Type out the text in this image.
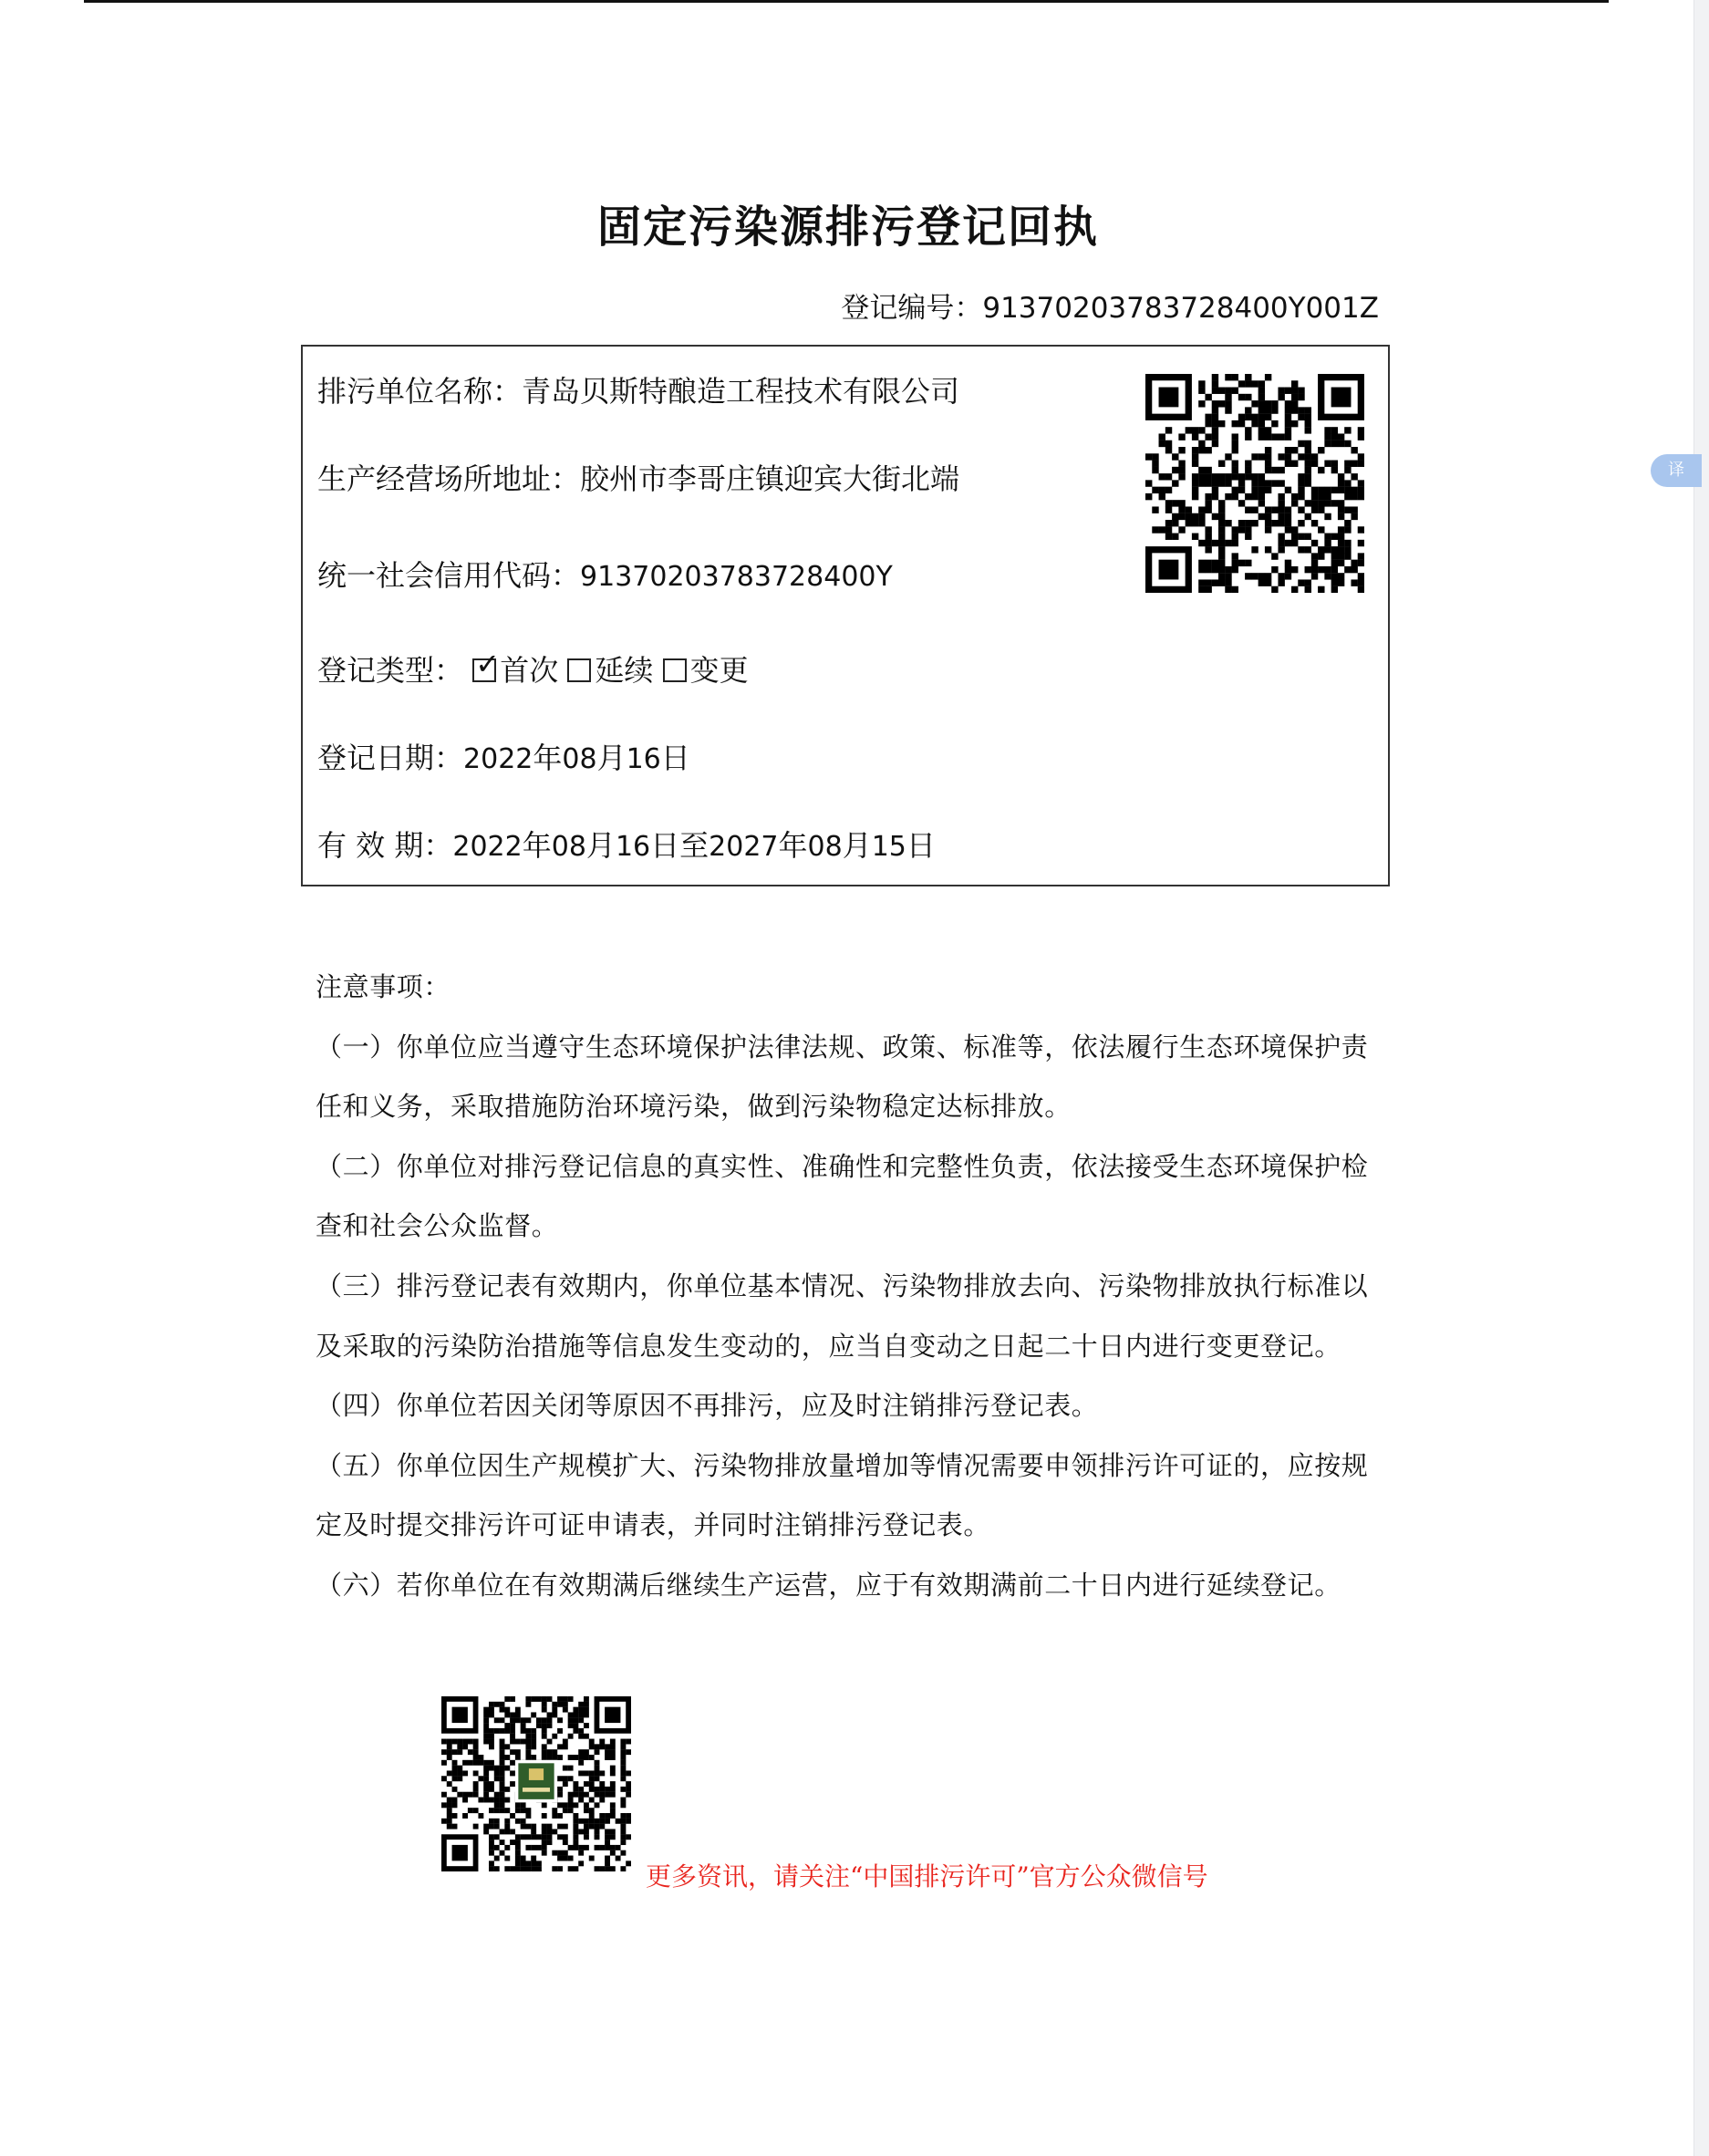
译
固定污染源排污登记回执
登记编号：91370203783728400Y001Z
排污单位名称：青岛贝斯特酿造工程技术有限公司
生产经营场所地址：胶州市李哥庄镇迎宾大街北端
统一社会信用代码：91370203783728400Y
登记类型： ✓ 首次 延续 变更
登记日期：2022年08月16日
有 效 期：2022年08月16日至2027年08月15日
注意事项：
（一）你单位应当遵守生态环境保护法律法规、政策、标准等，依法履行生态环境保护责
任和义务，采取措施防治环境污染，做到污染物稳定达标排放。
（二）你单位对排污登记信息的真实性、准确性和完整性负责，依法接受生态环境保护检
查和社会公众监督。
（三）排污登记表有效期内，你单位基本情况、污染物排放去向、污染物排放执行标准以
及采取的污染防治措施等信息发生变动的，应当自变动之日起二十日内进行变更登记。
（四）你单位若因关闭等原因不再排污，应及时注销排污登记表。
（五）你单位因生产规模扩大、污染物排放量增加等情况需要申领排污许可证的，应按规
定及时提交排污许可证申请表，并同时注销排污登记表。
（六）若你单位在有效期满后继续生产运营，应于有效期满前二十日内进行延续登记。
更多资讯，请关注“中国排污许可”官方公众微信号
